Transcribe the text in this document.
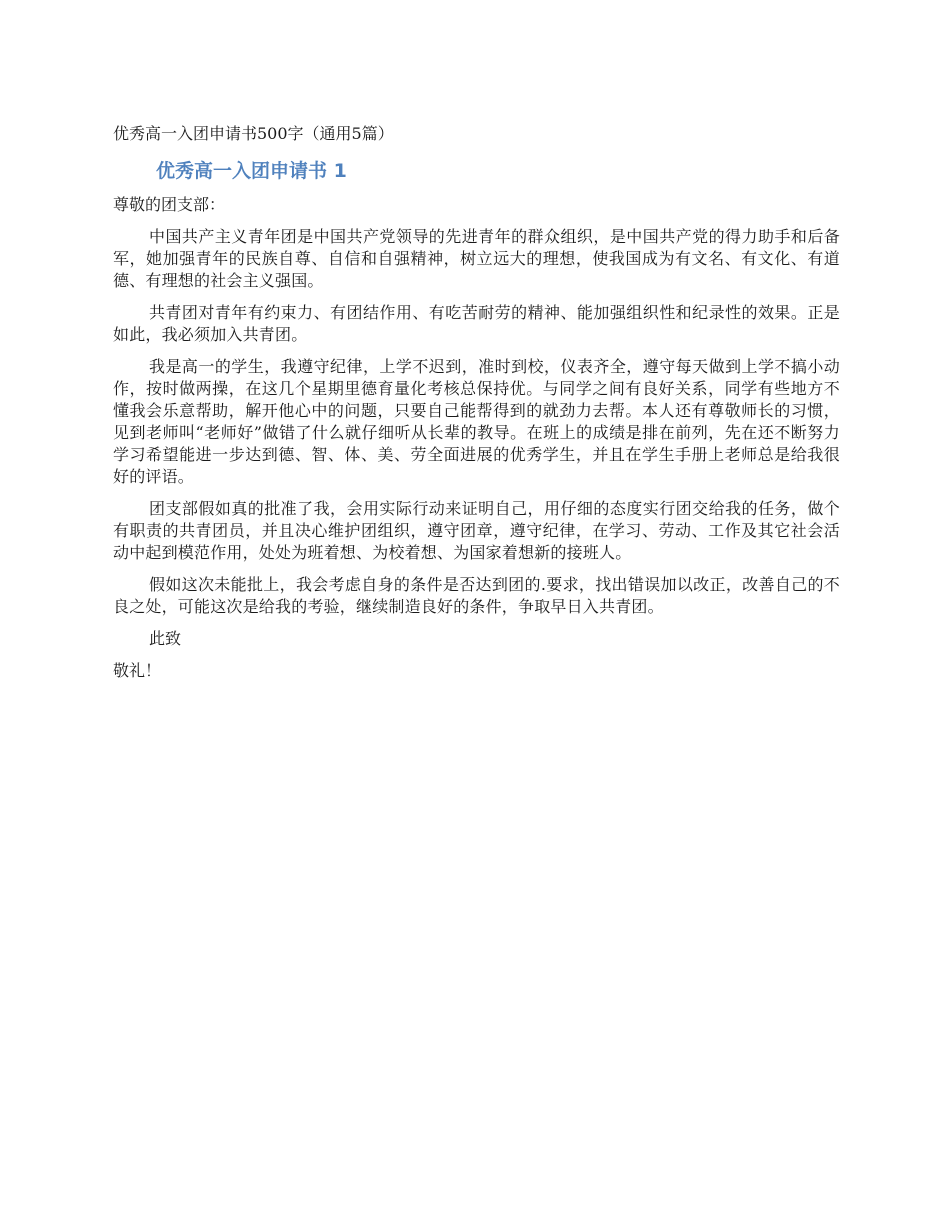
优秀高一入团申请书500字（通用5篇）
优秀高一入团申请书 1
尊敬的团支部：

中国共产主义青年团是中国共产党领导的先进青年的群众组织，是中国共产党的得力助手和后备军，她加强青年的民族自尊、自信和自强精神，树立远大的理想，使我国成为有文名、有文化、有道德、有理想的社会主义强国。

共青团对青年有约束力、有团结作用、有吃苦耐劳的精神、能加强组织性和纪录性的效果。正是如此，我必须加入共青团。

我是高一的学生，我遵守纪律，上学不迟到，准时到校，仪表齐全，遵守每天做到上学不搞小动作，按时做两操，在这几个星期里德育量化考核总保持优。与同学之间有良好关系，同学有些地方不懂我会乐意帮助，解开他心中的问题，只要自己能帮得到的就劲力去帮。本人还有尊敬师长的习惯，见到老师叫“老师好”做错了什么就仔细听从长辈的教导。在班上的成绩是排在前列，先在还不断努力学习希望能进一步达到德、智、体、美、劳全面进展的优秀学生，并且在学生手册上老师总是给我很好的评语。

团支部假如真的批准了我，会用实际行动来证明自己，用仔细的态度实行团交给我的任务，做个有职责的共青团员，并且决心维护团组织，遵守团章，遵守纪律，在学习、劳动、工作及其它社会活动中起到模范作用，处处为班着想、为校着想、为国家着想新的接班人。

假如这次未能批上，我会考虑自身的条件是否达到团的.要求，找出错误加以改正，改善自己的不良之处，可能这次是给我的考验，继续制造良好的条件，争取早日入共青团。

此致
敬礼！
